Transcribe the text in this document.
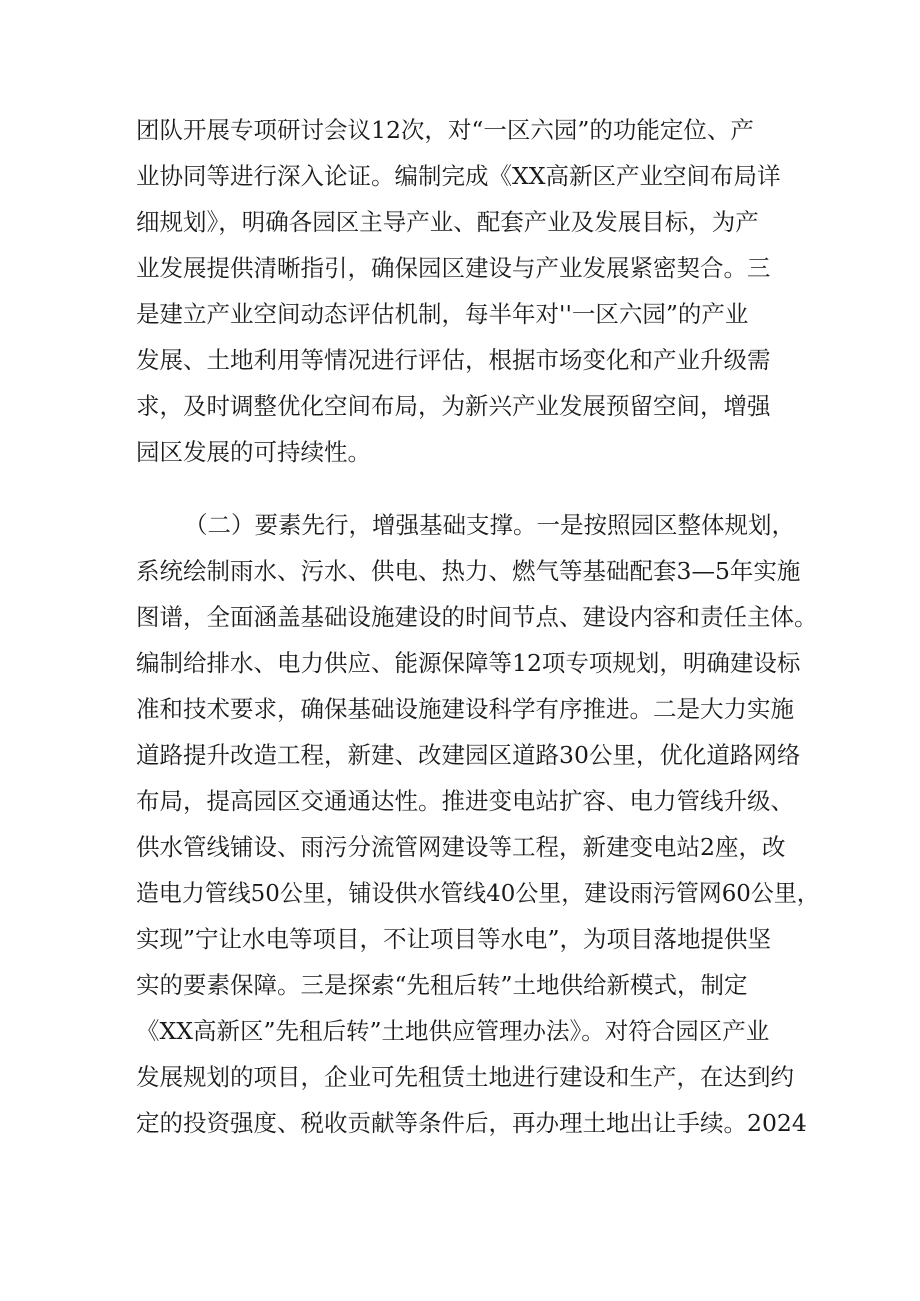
团队开展专项研讨会议12次，对“一区六园”的功能定位、产
业协同等进行深入论证。编制完成《XX高新区产业空间布局详
细规划》，明确各园区主导产业、配套产业及发展目标，为产
业发展提供清晰指引，确保园区建设与产业发展紧密契合。三
是建立产业空间动态评估机制，每半年对''一区六园”的产业
发展、土地利用等情况进行评估，根据市场变化和产业升级需
求，及时调整优化空间布局，为新兴产业发展预留空间，增强
园区发展的可持续性。
（二）要素先行，增强基础支撑。一是按照园区整体规划，
系统绘制雨水、污水、供电、热力、燃气等基础配套3—5年实施
图谱，全面涵盖基础设施建设的时间节点、建设内容和责任主体。
编制给排水、电力供应、能源保障等12项专项规划，明确建设标
准和技术要求，确保基础设施建设科学有序推进。二是大力实施
道路提升改造工程，新建、改建园区道路30公里，优化道路网络
布局，提高园区交通通达性。推进变电站扩容、电力管线升级、
供水管线铺设、雨污分流管网建设等工程，新建变电站2座，改
造电力管线50公里，铺设供水管线40公里，建设雨污管网60公里，
实现”宁让水电等项目，不让项目等水电”，为项目落地提供坚
实的要素保障。三是探索“先租后转”土地供给新模式，制定
《XX高新区”先租后转”土地供应管理办法》。对符合园区产业
发展规划的项目，企业可先租赁土地进行建设和生产，在达到约
定的投资强度、税收贡献等条件后，再办理土地出让手续。2024
